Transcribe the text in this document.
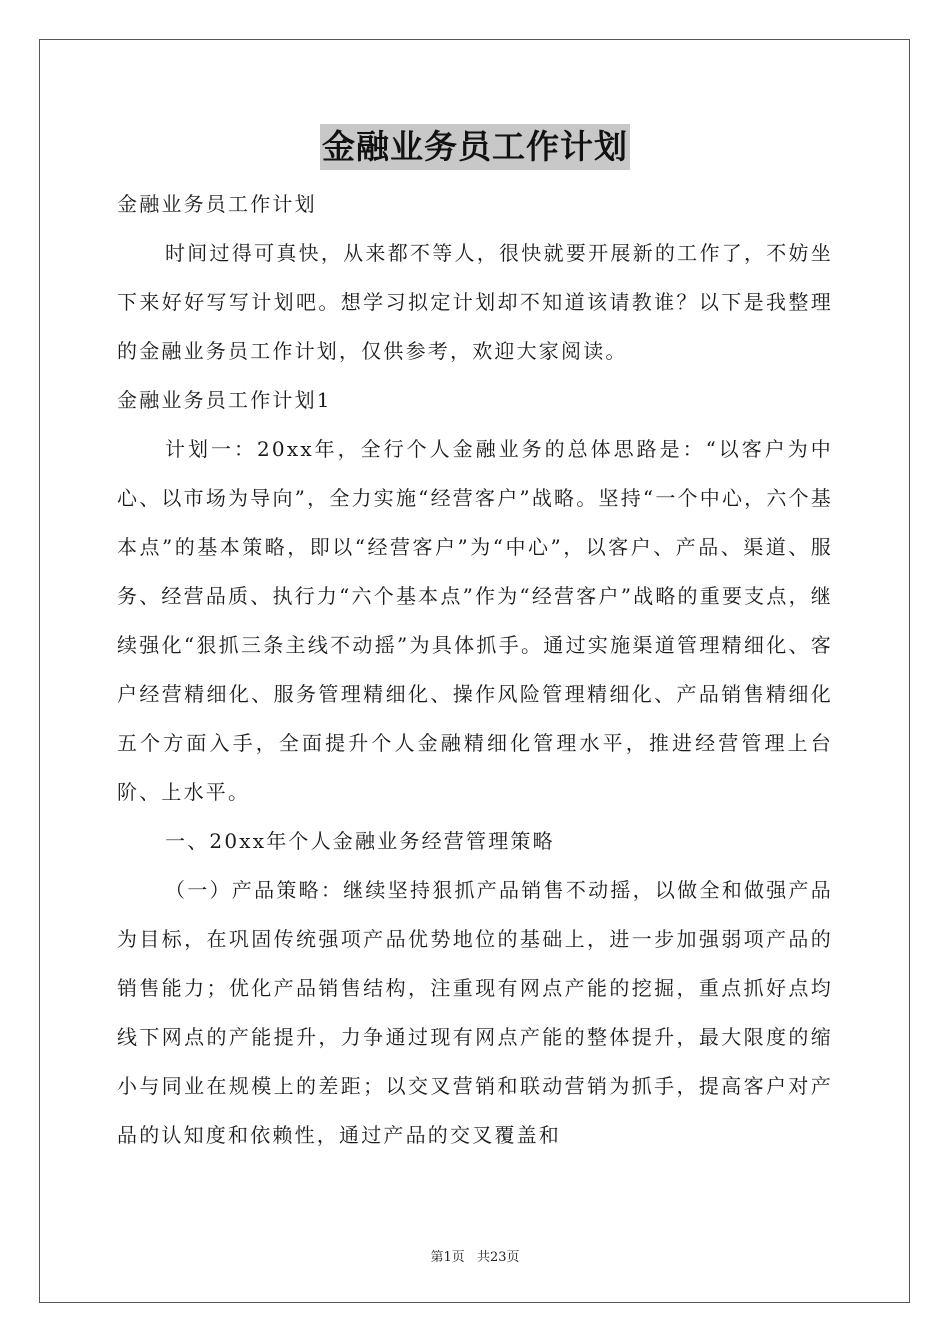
金融业务员工作计划

金融业务员工作计划

时间过得可真快，从来都不等人，很快就要开展新的工作了，不妨坐下来好好写写计划吧。想学习拟定计划却不知道该请教谁？以下是我整理的金融业务员工作计划，仅供参考，欢迎大家阅读。

金融业务员工作计划1

计划一：20xx年，全行个人金融业务的总体思路是：“以客户为中心、以市场为导向”，全力实施“经营客户”战略。坚持“一个中心，六个基本点”的基本策略，即以“经营客户”为“中心”，以客户、产品、渠道、服务、经营品质、执行力“六个基本点”作为“经营客户”战略的重要支点，继续强化“狠抓三条主线不动摇”为具体抓手。通过实施渠道管理精细化、客户经营精细化、服务管理精细化、操作风险管理精细化、产品销售精细化五个方面入手，全面提升个人金融精细化管理水平，推进经营管理上台阶、上水平。

一、20xx年个人金融业务经营管理策略

（一）产品策略：继续坚持狠抓产品销售不动摇，以做全和做强产品为目标，在巩固传统强项产品优势地位的基础上，进一步加强弱项产品的销售能力；优化产品销售结构，注重现有网点产能的挖掘，重点抓好点均线下网点的产能提升，力争通过现有网点产能的整体提升，最大限度的缩小与同业在规模上的差距；以交叉营销和联动营销为抓手，提高客户对产品的认知度和依赖性，通过产品的交叉覆盖和

第1页 共23页
